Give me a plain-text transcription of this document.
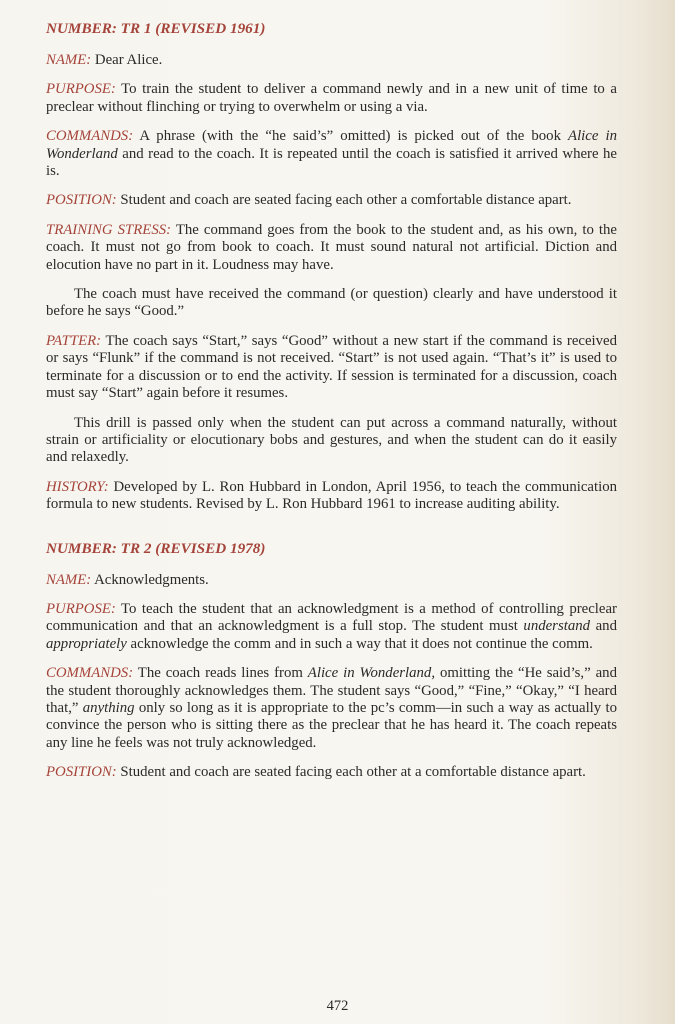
NUMBER: TR 1 (REVISED 1961)

NAME: Dear Alice.

PURPOSE: To train the student to deliver a command newly and in a new unit of time to a preclear without flinching or trying to overwhelm or using a via.

COMMANDS: A phrase (with the “he said’s” omitted) is picked out of the book Alice in Wonderland and read to the coach. It is repeated until the coach is satisfied it arrived where he is.

POSITION: Student and coach are seated facing each other a comfortable distance apart.

TRAINING STRESS: The command goes from the book to the student and, as his own, to the coach. It must not go from book to coach. It must sound natural not artificial. Diction and elocution have no part in it. Loudness may have.

The coach must have received the command (or question) clearly and have understood it before he says “Good.”

PATTER: The coach says “Start,” says “Good” without a new start if the command is received or says “Flunk” if the command is not received. “Start” is not used again. “That’s it” is used to terminate for a discussion or to end the activity. If session is terminated for a discussion, coach must say “Start” again before it resumes.

This drill is passed only when the student can put across a command naturally, without strain or artificiality or elocutionary bobs and gestures, and when the student can do it easily and relaxedly.

HISTORY: Developed by L. Ron Hubbard in London, April 1956, to teach the communication formula to new students. Revised by L. Ron Hubbard 1961 to increase auditing ability.

NUMBER: TR 2 (REVISED 1978)

NAME: Acknowledgments.

PURPOSE: To teach the student that an acknowledgment is a method of controlling preclear communication and that an acknowledgment is a full stop. The student must understand and appropriately acknowledge the comm and in such a way that it does not continue the comm.

COMMANDS: The coach reads lines from Alice in Wonderland, omitting the “He said’s,” and the student thoroughly acknowledges them. The student says “Good,” “Fine,” “Okay,” “I heard that,” anything only so long as it is appropriate to the pc’s comm—in such a way as actually to convince the person who is sitting there as the preclear that he has heard it. The coach repeats any line he feels was not truly acknowledged.

POSITION: Student and coach are seated facing each other at a comfortable distance apart.

472
